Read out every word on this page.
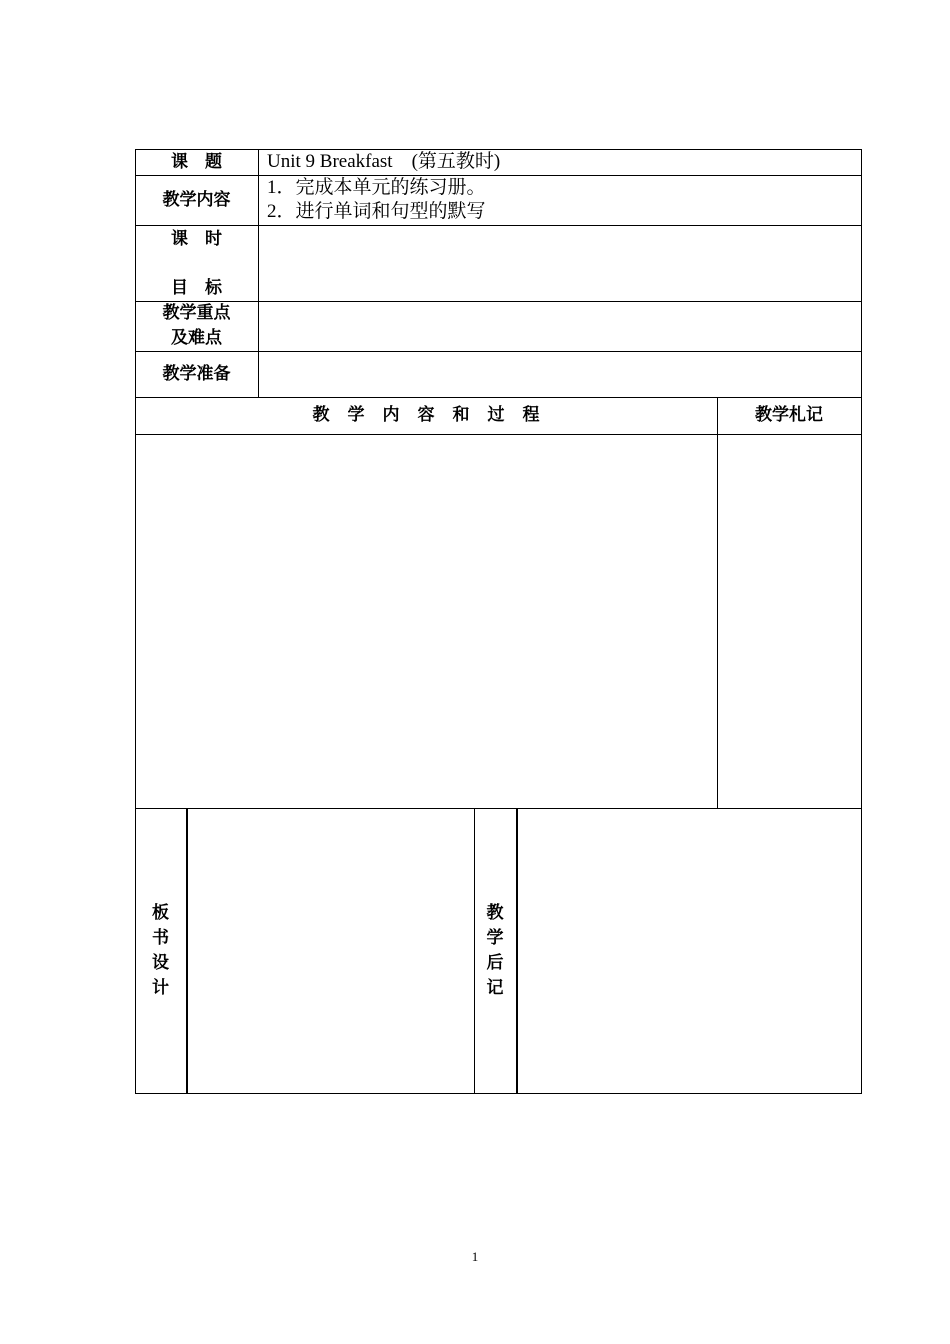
课　题	Unit 9 Breakfast　(第五教时)
教学内容
1．完成本单元的练习册。
2．进行单词和句型的默写
课　时
目　标
教学重点
及难点
教学准备
教学内容和过程	教学札记
板
书
设
计
教
学
后
记
1
